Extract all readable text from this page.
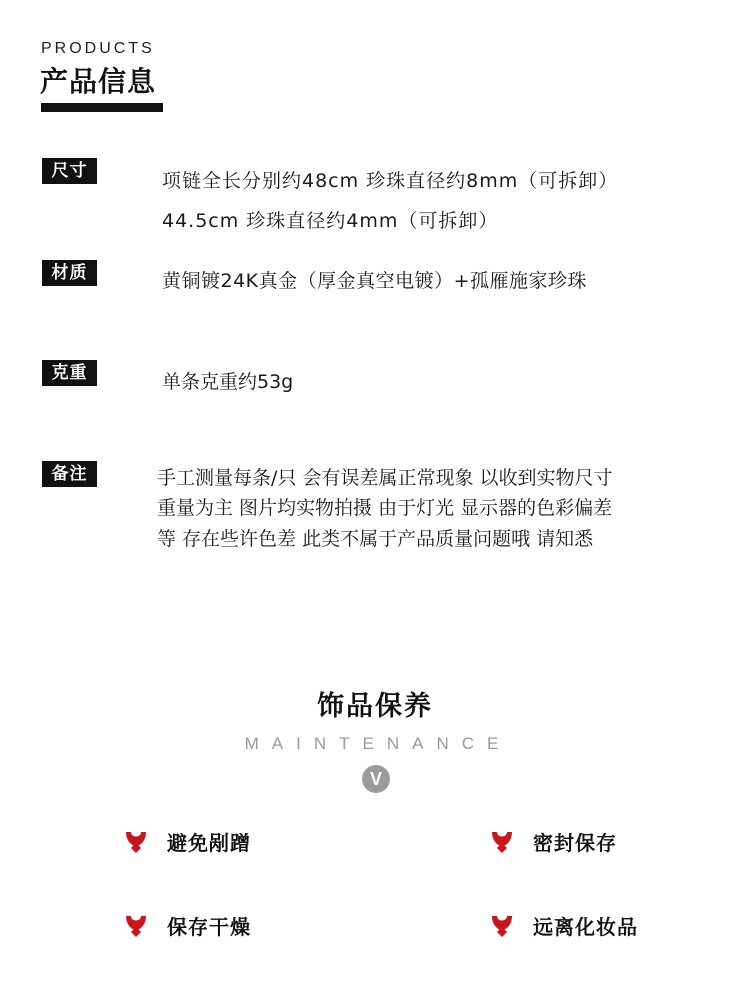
PRODUCTS
产品信息
尺寸	项链全长分别约48cm 珍珠直径约8mm（可拆卸）
44.5cm 珍珠直径约4mm（可拆卸）
材质	黄铜镀24K真金（厚金真空电镀）+孤雁施家珍珠
克重	单条克重约53g
备注	手工测量每条/只 会有误差属正常现象 以收到实物尺寸
重量为主 图片均实物拍摄 由于灯光 显示器的色彩偏差
等 存在些许色差 此类不属于产品质量问题哦 请知悉
饰品保养
MAINTENANCE
V
避免剐蹭	密封保存
保存干燥	远离化妆品
